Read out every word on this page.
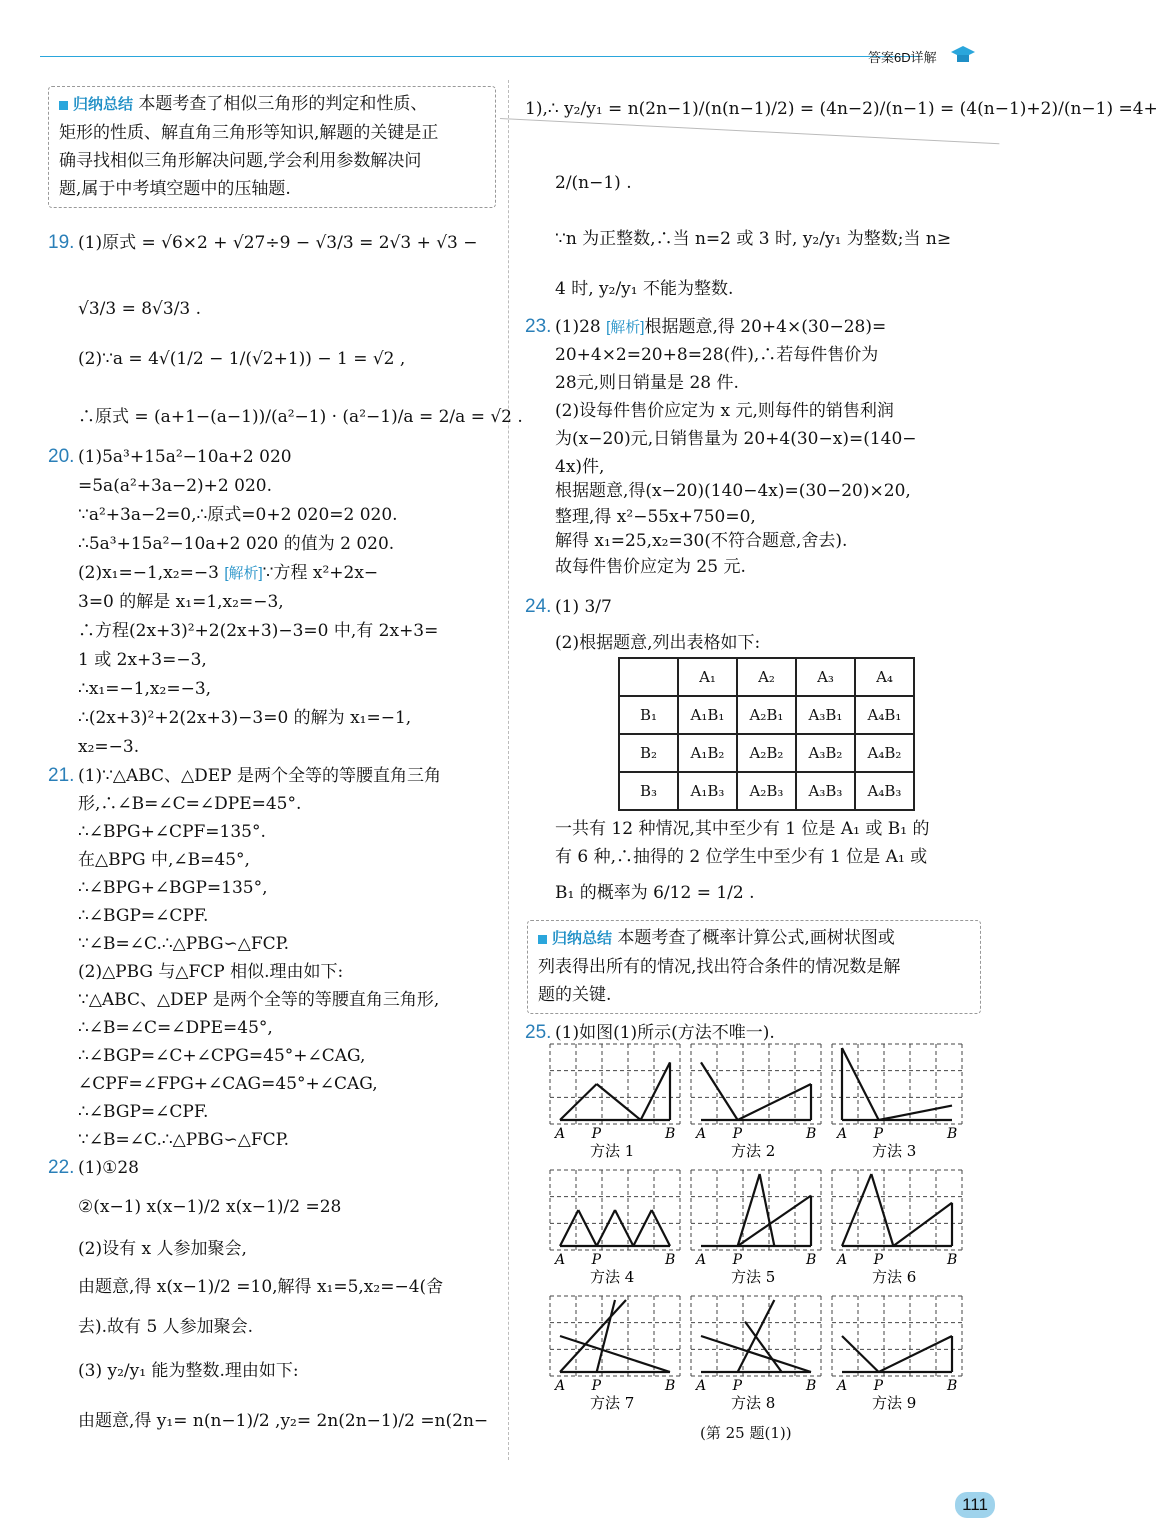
答案6D详解
归纳总结 本题考查了相似三角形的判定和性质、
矩形的性质、解直角三角形等知识,解题的关键是正
确寻找相似三角形解决问题,学会利用参数解决问
题,属于中考填空题中的压轴题.
19. (1)原式 = √6×2 + √27÷9 − √3/3 = 2√3 + √3 −
√3/3 = 8√3/3 .
(2)∵a = 4√(1/2 − 1/(√2+1)) − 1 = √2 ,
∴原式 = (a+1−(a−1))/(a²−1) · (a²−1)/a = 2/a = √2 .
20. (1)5a³+15a²−10a+2 020
=5a(a²+3a−2)+2 020.
∵a²+3a−2=0,∴原式=0+2 020=2 020.
∴5a³+15a²−10a+2 020 的值为 2 020.
(2)x₁=−1,x₂=−3 [解析]∵方程 x²+2x−
3=0 的解是 x₁=1,x₂=−3,
∴方程(2x+3)²+2(2x+3)−3=0 中,有 2x+3=
1 或 2x+3=−3,
∴x₁=−1,x₂=−3,
∴(2x+3)²+2(2x+3)−3=0 的解为 x₁=−1,
x₂=−3.
21. (1)∵△ABC、△DEP 是两个全等的等腰直角三角
形,∴∠B=∠C=∠DPE=45°.
∴∠BPG+∠CPF=135°.
在△BPG 中,∠B=45°,
∴∠BPG+∠BGP=135°,
∴∠BGP=∠CPF.
∵∠B=∠C.∴△PBG∽△FCP.
(2)△PBG 与△FCP 相似.理由如下:
∵△ABC、△DEP 是两个全等的等腰直角三角形,
∴∠B=∠C=∠DPE=45°,
∴∠BGP=∠C+∠CPG=45°+∠CAG,
∠CPF=∠FPG+∠CAG=45°+∠CAG,
∴∠BGP=∠CPF.
∵∠B=∠C.∴△PBG∽△FCP.
22. (1)①28
②(x−1) x(x−1)/2 x(x−1)/2 =28
(2)设有 x 人参加聚会,
由题意,得 x(x−1)/2 =10,解得 x₁=5,x₂=−4(舍
去).故有 5 人参加聚会.
(3) y₂/y₁ 能为整数.理由如下:
由题意,得 y₁= n(n−1)/2 ,y₂= 2n(2n−1)/2 =n(2n−
1),∴ y₂/y₁ = n(2n−1)/(n(n−1)/2) = (4n−2)/(n−1) = (4(n−1)+2)/(n−1) =4+
2/(n−1) .
∵n 为正整数,∴当 n=2 或 3 时, y₂/y₁ 为整数;当 n≥
4 时, y₂/y₁ 不能为整数.
23. (1)28 [解析]根据题意,得 20+4×(30−28)=
20+4×2=20+8=28(件),∴若每件售价为
28元,则日销量是 28 件.
(2)设每件售价应定为 x 元,则每件的销售利润
为(x−20)元,日销售量为 20+4(30−x)=(140−
4x)件,
根据题意,得(x−20)(140−4x)=(30−20)×20,
整理,得 x²−55x+750=0,
解得 x₁=25,x₂=30(不符合题意,舍去).
故每件售价应定为 25 元.
24. (1) 3/7
(2)根据题意,列出表格如下:
	A₁	A₂	A₃	A₄
B₁	A₁B₁	A₂B₁	A₃B₁	A₄B₁
B₂	A₁B₂	A₂B₂	A₃B₂	A₄B₂
B₃	A₁B₃	A₂B₃	A₃B₃	A₄B₃
一共有 12 种情况,其中至少有 1 位是 A₁ 或 B₁ 的
有 6 种,∴抽得的 2 位学生中至少有 1 位是 A₁ 或
B₁ 的概率为 6/12 = 1/2 .
归纳总结 本题考查了概率计算公式,画树状图或
列表得出所有的情况,找出符合条件的情况数是解
题的关键.
25. (1)如图(1)所示(方法不唯一).
A P	B
方法 1
A P	B
方法 2
A P	B
方法 3
A P	B
方法 4
A P	B
方法 5
A P	B
方法 6
A P	B
方法 7
A P	B
方法 8
A P	B
方法 9
(第 25 题(1))
111
